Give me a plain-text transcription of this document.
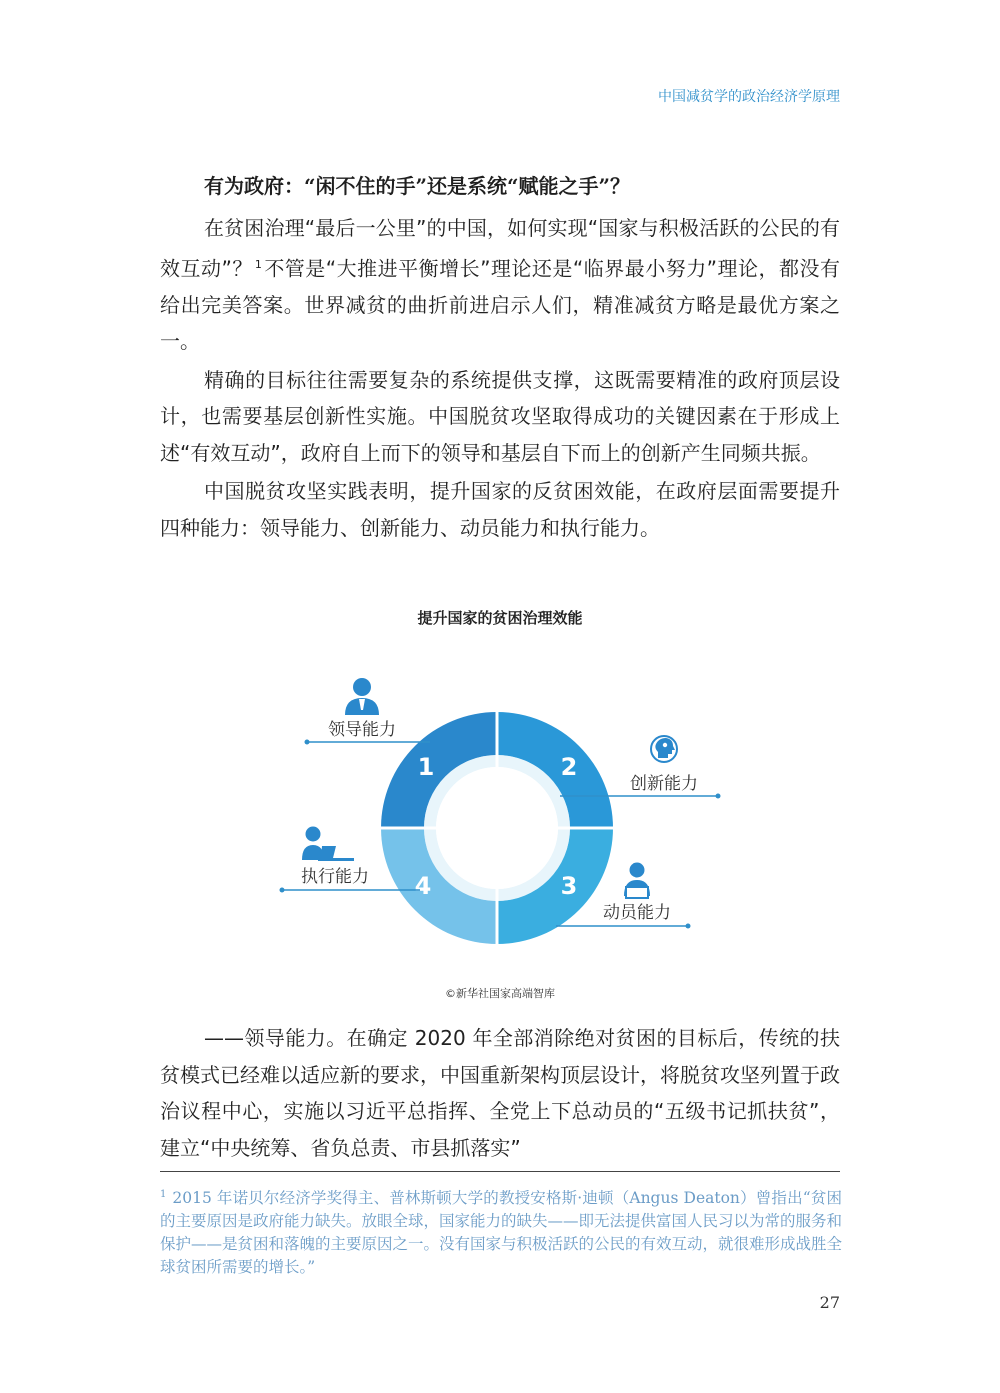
中国减贫学的政治经济学原理
有为政府：“闲不住的手”还是系统“赋能之手”？

在贫困治理“最后一公里”的中国，如何实现“国家与积极活跃的公民的有效互动”？ $^1$ 不管是“大推进平衡增长”理论还是“临界最小努力”理论，都没有给出完美答案。世界减贫的曲折前进启示人们，精准减贫方略是最优方案之一。

精确的目标往往需要复杂的系统提供支撑，这既需要精准的政府顶层设计，也需要基层创新性实施。中国脱贫攻坚取得成功的关键因素在于形成上述“有效互动”，政府自上而下的领导和基层自下而上的创新产生同频共振。

中国脱贫攻坚实践表明，提升国家的反贫困效能，在政府层面需要提升四种能力：领导能力、创新能力、动员能力和执行能力。

提升国家的贫困治理效能
1	2
3
4
领导能力
创新能力
动员能力
执行能力
©新华社国家高端智库

——领导能力。在确定 2020 年全部消除绝对贫困的目标后，传统的扶贫模式已经难以适应新的要求，中国重新架构顶层设计，将脱贫攻坚列置于政治议程中心，实施以习近平总指挥、全党上下总动员的“五级书记抓扶贫”，建立“中央统筹、省负总责、市县抓落实”

$^1$ 2015 年诺贝尔经济学奖得主、普林斯顿大学的教授安格斯·迪顿（Angus Deaton）曾指出“贫困的主要原因是政府能力缺失。放眼全球，国家能力的缺失——即无法提供富国人民习以为常的服务和保护——是贫困和落魄的主要原因之一。没有国家与积极活跃的公民的有效互动，就很难形成战胜全球贫困所需要的增长。”
27
